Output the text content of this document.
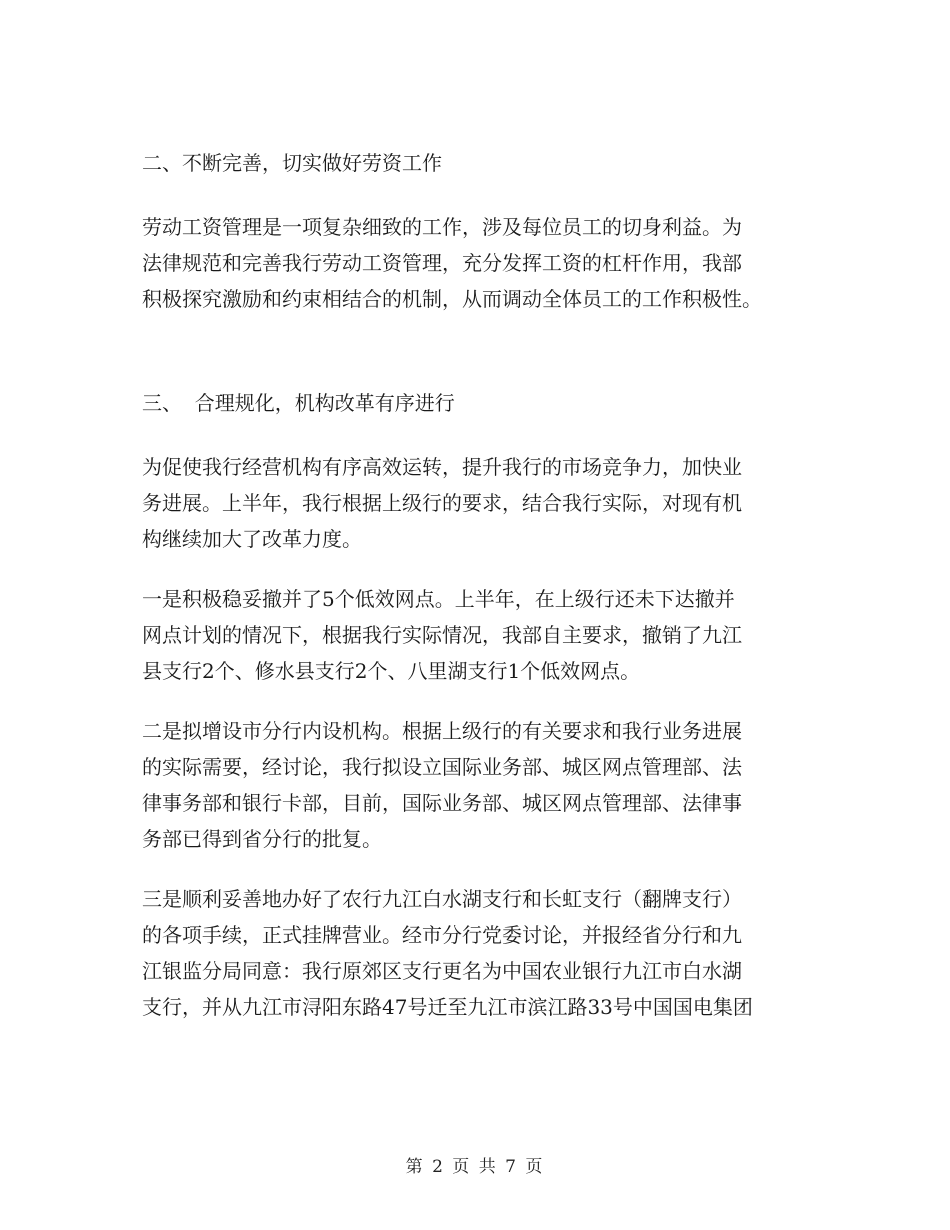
二、不断完善，切实做好劳资工作

劳动工资管理是一项复杂细致的工作，涉及每位员工的切身利益。为
法律规范和完善我行劳动工资管理，充分发挥工资的杠杆作用，我部
积极探究激励和约束相结合的机制，从而调动全体员工的工作积极性。

三、  合理规化，机构改革有序进行

为促使我行经营机构有序高效运转，提升我行的市场竞争力，加快业
务进展。上半年，我行根据上级行的要求，结合我行实际，对现有机
构继续加大了改革力度。

一是积极稳妥撤并了5个低效网点。上半年，在上级行还未下达撤并
网点计划的情况下，根据我行实际情况，我部自主要求，撤销了九江
县支行2个、修水县支行2个、八里湖支行1个低效网点。

二是拟增设市分行内设机构。根据上级行的有关要求和我行业务进展
的实际需要，经讨论，我行拟设立国际业务部、城区网点管理部、法
律事务部和银行卡部，目前，国际业务部、城区网点管理部、法律事
务部已得到省分行的批复。

三是顺利妥善地办好了农行九江白水湖支行和长虹支行（翻牌支行）
的各项手续，正式挂牌营业。经市分行党委讨论，并报经省分行和九
江银监分局同意：我行原郊区支行更名为中国农业银行九江市白水湖
支行，并从九江市浔阳东路47号迁至九江市滨江路33号中国国电集团

第 2 页 共 7 页
